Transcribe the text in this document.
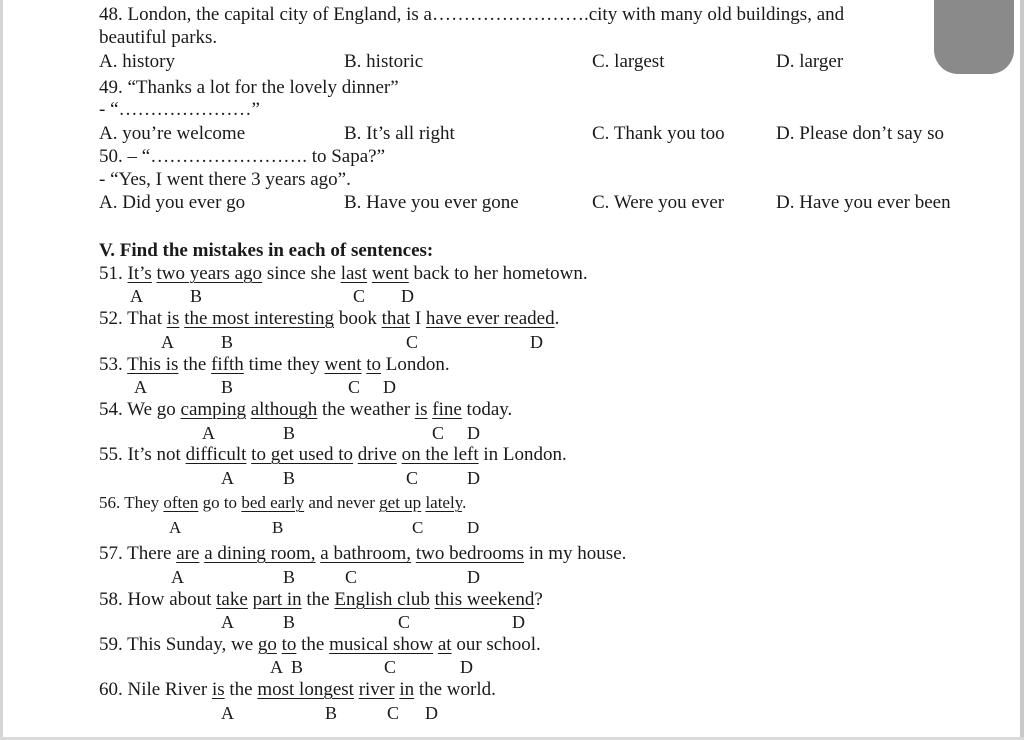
48. London, the capital city of England, is a…………………….city with many old buildings, and
beautiful parks.
A. history	B. historic	C. largest	D. larger
49. “Thanks a lot for the lovely dinner”
- “…………………”
A. you’re welcome	B. It’s all right	C. Thank you too	D. Please don’t say so
50. – “……………………. to Sapa?”
- “Yes, I went there 3 years ago”.
A. Did you ever go	B. Have you ever gone	C. Were you ever	D. Have you ever been
V. Find the mistakes in each of sentences:
51. It’s two years ago since she last went back to her hometown.
A	B	C D
52. That is the most interesting book that I have ever readed.
A	B	C	D
53. This is the fifth time they went to London.
A	B	C D
54. We go camping although the weather is fine today.
A	B	C D
55. It’s not difficult to get used to drive on the left in London.
A	B	C	D
56. They often go to bed early and never get up lately.
A	B	C	D
57. There are a dining room, a bathroom, two bedrooms in my house.
A	B	C	D
58. How about take part in the English club this weekend?
A	B	C	D
59. This Sunday, we go to the musical show at our school.
A B	C	D
60. Nile River is the most longest river in the world.
A	B	C D
